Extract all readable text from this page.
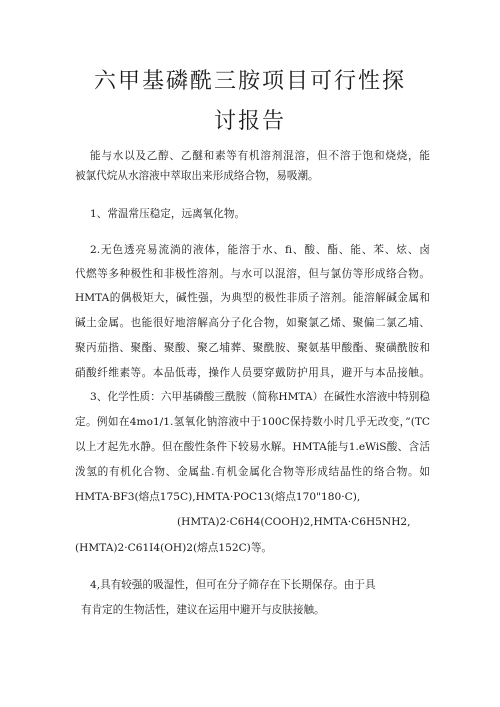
六甲基磷酰三胺项目可行性探
讨报告

能与水以及乙醇、乙醚和素等有机溶剂混溶，但不溶于饱和烧烧，能

被氯代烷从水溶液中萃取出来形成络合物，易吸潮。

1、常温常压稳定，远离氧化物。

2.无色透亮易流淌的液体，能溶于水、fi、酸、酯、能、苯、炫、卤

代燃等多种极性和非极性溶剂。与水可以混溶，但与氯仿等形成络合物。

HMTA的偶极矩大，碱性强，为典型的极性非质子溶剂。能溶解碱金属和

碱土金属。也能很好地溶解高分子化合物，如聚氯乙烯、聚偏二氯乙埔、

聚丙茄揩、聚酯、聚酸、聚乙埔葬、聚酰胺、聚氨基甲酸酯、聚磺酰胺和

硝酸纤维素等。本品低毒，操作人员要穿戴防护用具，避开与本品接触。

3、化学性质：六甲基磷酸三酰胺（简称HMTA）在碱性水溶液中特别稳

定。例如在4mo1/1.氢氧化钠溶液中于100C保持数小时几乎无改变，”(TC

以上才起先水静。但在酸性条件下较易水解。HMTA能与1.eWiS酸、含活

泼氢的有机化合物、金属盐.有机金属化合物等形成结晶性的络合物。如

HMTA·BF3(熔点175C),HMTA·POC13(熔点170"180·C),

(HMTA)2·C6H4(COOH)2,HMTA·C6H5NH2,

(HMTA)2·C61I4(OH)2(熔点152C)等。

4,具有较强的吸湿性，但可在分子筛存在下长期保存。由于具

有肯定的生物活性，建议在运用中避开与皮肤接触。
